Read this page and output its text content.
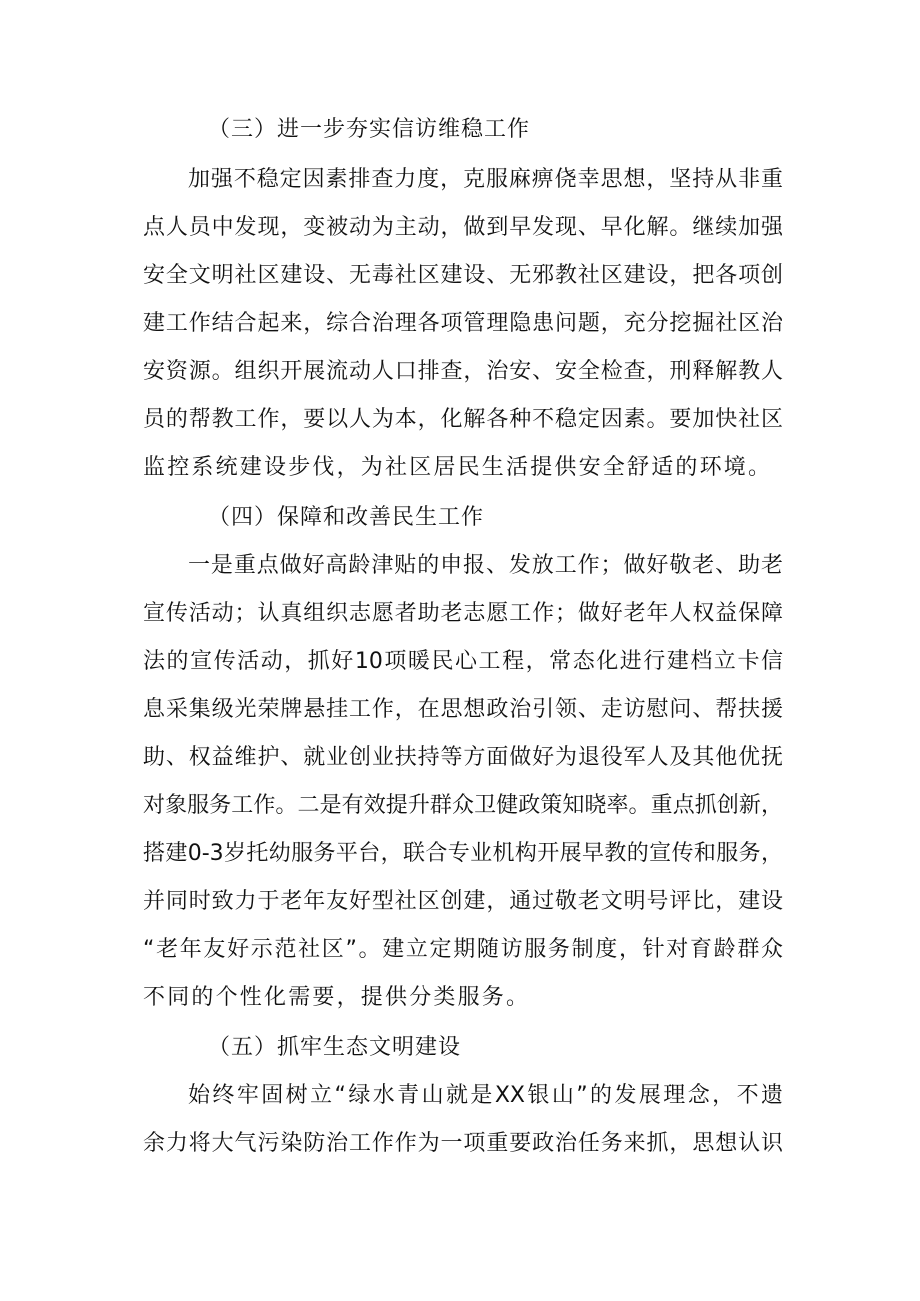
（三）进一步夯实信访维稳工作
加强不稳定因素排查力度，克服麻痹侥幸思想，坚持从非重
点人员中发现，变被动为主动，做到早发现、早化解。继续加强
安全文明社区建设、无毒社区建设、无邪教社区建设，把各项创
建工作结合起来，综合治理各项管理隐患问题，充分挖掘社区治
安资源。组织开展流动人口排查，治安、安全检查，刑释解教人
员的帮教工作，要以人为本，化解各种不稳定因素。要加快社区
监控系统建设步伐，为社区居民生活提供安全舒适的环境。
（四）保障和改善民生工作
一是重点做好高龄津贴的申报、发放工作；做好敬老、助老
宣传活动；认真组织志愿者助老志愿工作；做好老年人权益保障
法的宣传活动，抓好10项暖民心工程，常态化进行建档立卡信
息采集级光荣牌悬挂工作，在思想政治引领、走访慰问、帮扶援
助、权益维护、就业创业扶持等方面做好为退役军人及其他优抚
对象服务工作。二是有效提升群众卫健政策知晓率。重点抓创新，
搭建0-3岁托幼服务平台，联合专业机构开展早教的宣传和服务，
并同时致力于老年友好型社区创建，通过敬老文明号评比，建设
“老年友好示范社区”。建立定期随访服务制度，针对育龄群众
不同的个性化需要，提供分类服务。
（五）抓牢生态文明建设
始终牢固树立“绿水青山就是XX银山”的发展理念，不遗
余力将大气污染防治工作作为一项重要政治任务来抓，思想认识
